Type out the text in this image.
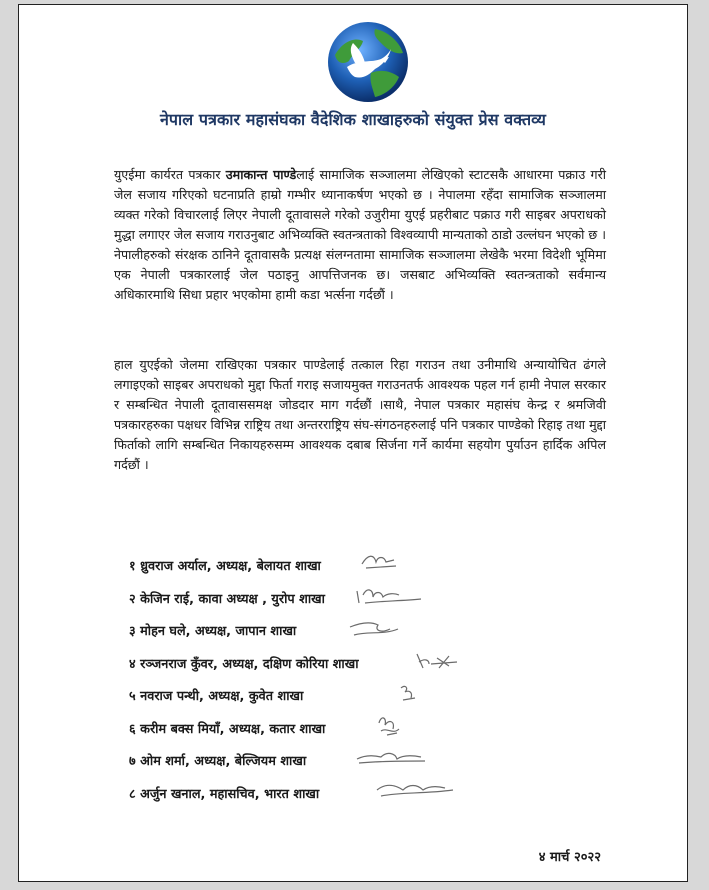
नेपाल पत्रकार महासंघका वैदेशिक शाखाहरुको संयुक्त प्रेस वक्तव्य
युएईमा कार्यरत पत्रकार उमाकान्त पाण्डेलाई सामाजिक सञ्जालमा लेखिएको स्टाटसकै आधारमा पक्राउ गरी जेल सजाय गरिएको घटनाप्रति हाम्रो गम्भीर ध्यानाकर्षण भएको छ । नेपालमा रहँदा सामाजिक सञ्जालमा व्यक्त गरेको विचारलाई लिएर नेपाली दूतावासले गरेको उजुरीमा युएई प्रहरीबाट पक्राउ गरी साइबर अपराधको मुद्धा लगाएर जेल सजाय गराउनुबाट अभिव्यक्ति स्वतन्त्रताको विश्वव्यापी मान्यताको ठाडो उल्लंघन भएको छ । नेपालीहरुको संरक्षक ठानिने दूतावासकै प्रत्यक्ष संलग्नतामा सामाजिक सञ्जालमा लेखेकै भरमा विदेशी भूमिमा एक नेपाली पत्रकारलाई जेल पठाइनु आपत्तिजनक छ। जसबाट अभिव्यक्ति स्वतन्त्रताको सर्वमान्य अधिकारमाथि सिधा प्रहार भएकोमा हामी कडा भर्त्सना गर्दछौं ।
हाल युएईको जेलमा राखिएका पत्रकार पाण्डेलाई तत्काल रिहा गराउन तथा उनीमाथि अन्यायोचित ढंगले लगाइएको साइबर अपराधको मुद्दा फिर्ता गराइ सजायमुक्त गराउनतर्फ आवश्यक पहल गर्न हामी नेपाल सरकार र सम्बन्धित नेपाली दूतावाससमक्ष जोडदार माग गर्दछौं ।साथै, नेपाल पत्रकार महासंघ केन्द्र र श्रमजिवी पत्रकारहरुका पक्षधर विभिन्न राष्ट्रिय तथा अन्तरराष्ट्रिय संघ-संगठनहरुलाई पनि पत्रकार पाण्डेको रिहाइ तथा मुद्दा फिर्ताको लागि सम्बन्धित निकायहरुसम्म आवश्यक दबाब सिर्जना गर्ने कार्यमा सहयोग पुर्याउन हार्दिक अपिल गर्दछौं ।
१ ध्रुवराज अर्याल, अध्यक्ष, बेलायत शाखा
२ केजिन राई, कावा अध्यक्ष , युरोप शाखा
३ मोहन घले, अध्यक्ष, जापान शाखा
४ रञ्जनराज कुँवर, अध्यक्ष, दक्षिण कोरिया शाखा
५ नवराज पन्थी, अध्यक्ष, कुवेत शाखा
६ करीम बक्स मियाँ, अध्यक्ष, कतार शाखा
७ ओम शर्मा, अध्यक्ष, बेल्जियम शाखा
८ अर्जुन खनाल, महासचिव, भारत शाखा
४ मार्च २०२२
